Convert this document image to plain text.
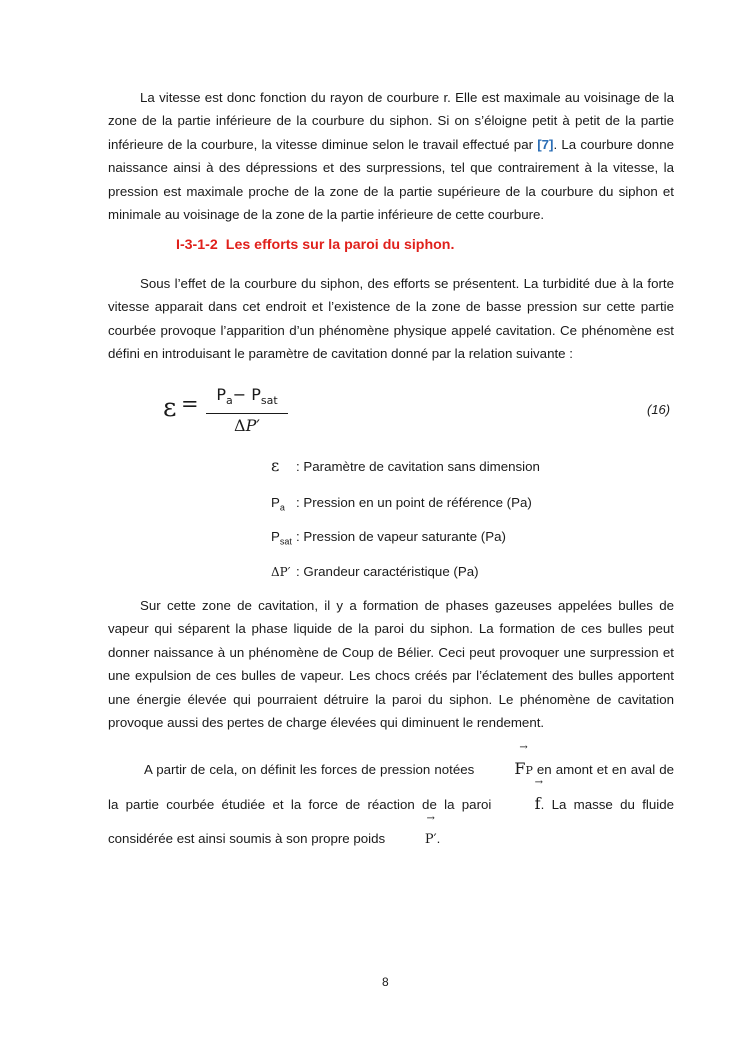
La vitesse est donc fonction du rayon de courbure r. Elle est maximale au voisinage de la zone de la partie inférieure de la courbure du siphon. Si on s’éloigne petit à petit de la partie inférieure de la courbure, la vitesse diminue selon le travail effectué par [7]. La courbure donne naissance ainsi à des dépressions et des surpressions, tel que contrairement à la vitesse, la pression est maximale proche de la zone de la partie supérieure de la courbure du siphon et minimale au voisinage de la zone de la partie inférieure de cette courbure.

I-3-1-2 Les efforts sur la paroi du siphon.

Sous l’effet de la courbure du siphon, des efforts se présentent. La turbidité due à la forte vitesse apparait dans cet endroit et l’existence de la zone de basse pression sur cette partie courbée provoque l’apparition d’un phénomène physique appelé cavitation. Ce phénomène est défini en introduisant le paramètre de cavitation donné par la relation suivante :

ε =	$P_a- P_{sat}$
ΔP′
(16)
ε : Paramètre de cavitation sans dimension
$P_a$ : Pression en un point de référence (Pa)
$P_{sat}$ : Pression de vapeur saturante (Pa)
ΔP′ : Grandeur caractéristique (Pa)

Sur cette zone de cavitation, il y a formation de phases gazeuses appelées bulles de vapeur qui séparent la phase liquide de la paroi du siphon. La formation de ces bulles peut donner naissance à un phénomène de Coup de Bélier. Ceci peut provoquer une surpression et une expulsion de ces bulles de vapeur. Les chocs créés par l’éclatement des bulles apportent une énergie élevée qui pourraient détruire la paroi du siphon. Le phénomène de cavitation provoque aussi des pertes de charge élevées qui diminuent le rendement.

A partir de cela, on définit les forces de pression notées
→
FP en amont et en aval de la partie courbée étudiée et la force de réaction de la paroi
→
f. La masse du fluide considérée est ainsi soumis à son propre poids
→
P′.

8
